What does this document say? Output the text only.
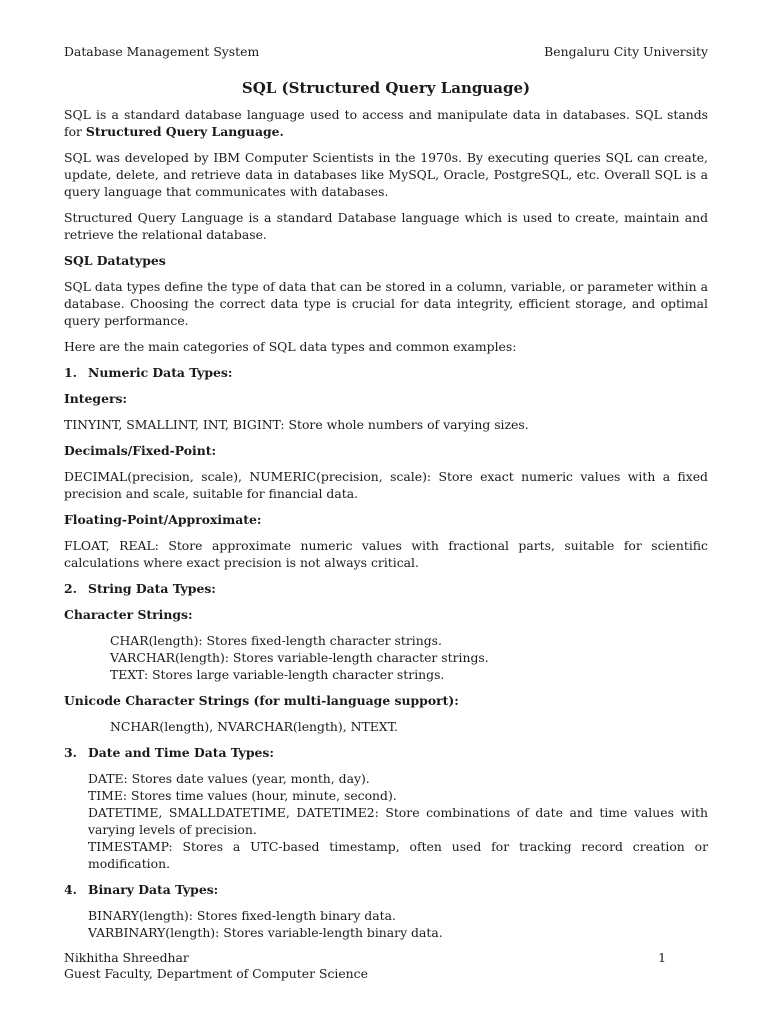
Database Management System	Bengaluru City University
SQL (Structured Query Language)

SQL is a standard database language used to access and manipulate data in databases. SQL stands for Structured Query Language.

SQL was developed by IBM Computer Scientists in the 1970s. By executing queries SQL can create, update, delete, and retrieve data in databases like MySQL, Oracle, PostgreSQL, etc. Overall SQL is a query language that communicates with databases.

Structured Query Language is a standard Database language which is used to create, maintain and retrieve the relational database.

SQL Datatypes

SQL data types define the type of data that can be stored in a column, variable, or parameter within a database. Choosing the correct data type is crucial for data integrity, efficient storage, and optimal query performance.

Here are the main categories of SQL data types and common examples:

1. Numeric Data Types:

Integers:

TINYINT, SMALLINT, INT, BIGINT: Store whole numbers of varying sizes.

Decimals/Fixed-Point:

DECIMAL(precision, scale), NUMERIC(precision, scale): Store exact numeric values with a fixed precision and scale, suitable for financial data.

Floating-Point/Approximate:

FLOAT, REAL: Store approximate numeric values with fractional parts, suitable for scientific calculations where exact precision is not always critical.

2. String Data Types:

Character Strings:

CHAR(length): Stores fixed-length character strings.
VARCHAR(length): Stores variable-length character strings.
TEXT: Stores large variable-length character strings.

Unicode Character Strings (for multi-language support):

NCHAR(length), NVARCHAR(length), NTEXT.

3. Date and Time Data Types:
DATE: Stores date values (year, month, day).
TIME: Stores time values (hour, minute, second).
DATETIME, SMALLDATETIME, DATETIME2: Store combinations of date and time values with varying levels of precision.
TIMESTAMP: Stores a UTC-based timestamp, often used for tracking record creation or modification.
4. Binary Data Types:
BINARY(length): Stores fixed-length binary data.
VARBINARY(length): Stores variable-length binary data.
Nikhitha Shreedhar
Guest Faculty, Department of Computer Science
1
